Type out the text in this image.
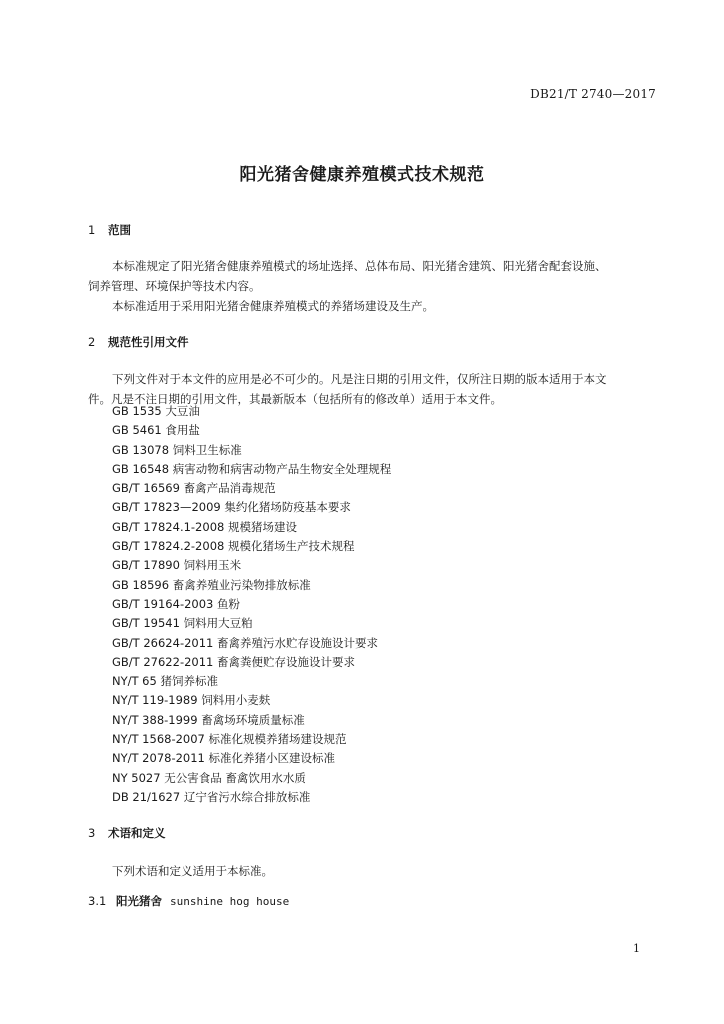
DB21/T 2740—2017
阳光猪舍健康养殖模式技术规范
1 范围
本标准规定了阳光猪舍健康养殖模式的场址选择、总体布局、阳光猪舍建筑、阳光猪舍配套设施、
饲养管理、环境保护等技术内容。
本标准适用于采用阳光猪舍健康养殖模式的养猪场建设及生产。
2 规范性引用文件
下列文件对于本文件的应用是必不可少的。凡是注日期的引用文件，仅所注日期的版本适用于本文
件。凡是不注日期的引用文件，其最新版本（包括所有的修改单）适用于本文件。
GB 1535 大豆油
GB 5461 食用盐
GB 13078 饲料卫生标准
GB 16548 病害动物和病害动物产品生物安全处理规程
GB/T 16569 畜禽产品消毒规范
GB/T 17823—2009 集约化猪场防疫基本要求
GB/T 17824.1-2008 规模猪场建设
GB/T 17824.2-2008 规模化猪场生产技术规程
GB/T 17890 饲料用玉米
GB 18596 畜禽养殖业污染物排放标准
GB/T 19164-2003 鱼粉
GB/T 19541 饲料用大豆粕
GB/T 26624-2011 畜禽养殖污水贮存设施设计要求
GB/T 27622-2011 畜禽粪便贮存设施设计要求
NY/T 65 猪饲养标准
NY/T 119-1989 饲料用小麦麸
NY/T 388-1999 畜禽场环境质量标准
NY/T 1568-2007 标准化规模养猪场建设规范
NY/T 2078-2011 标准化养猪小区建设标准
NY 5027 无公害食品 畜禽饮用水水质
DB 21/1627 辽宁省污水综合排放标准
3 术语和定义
下列术语和定义适用于本标准。
3.1 阳光猪舍 sunshine hog house
1
